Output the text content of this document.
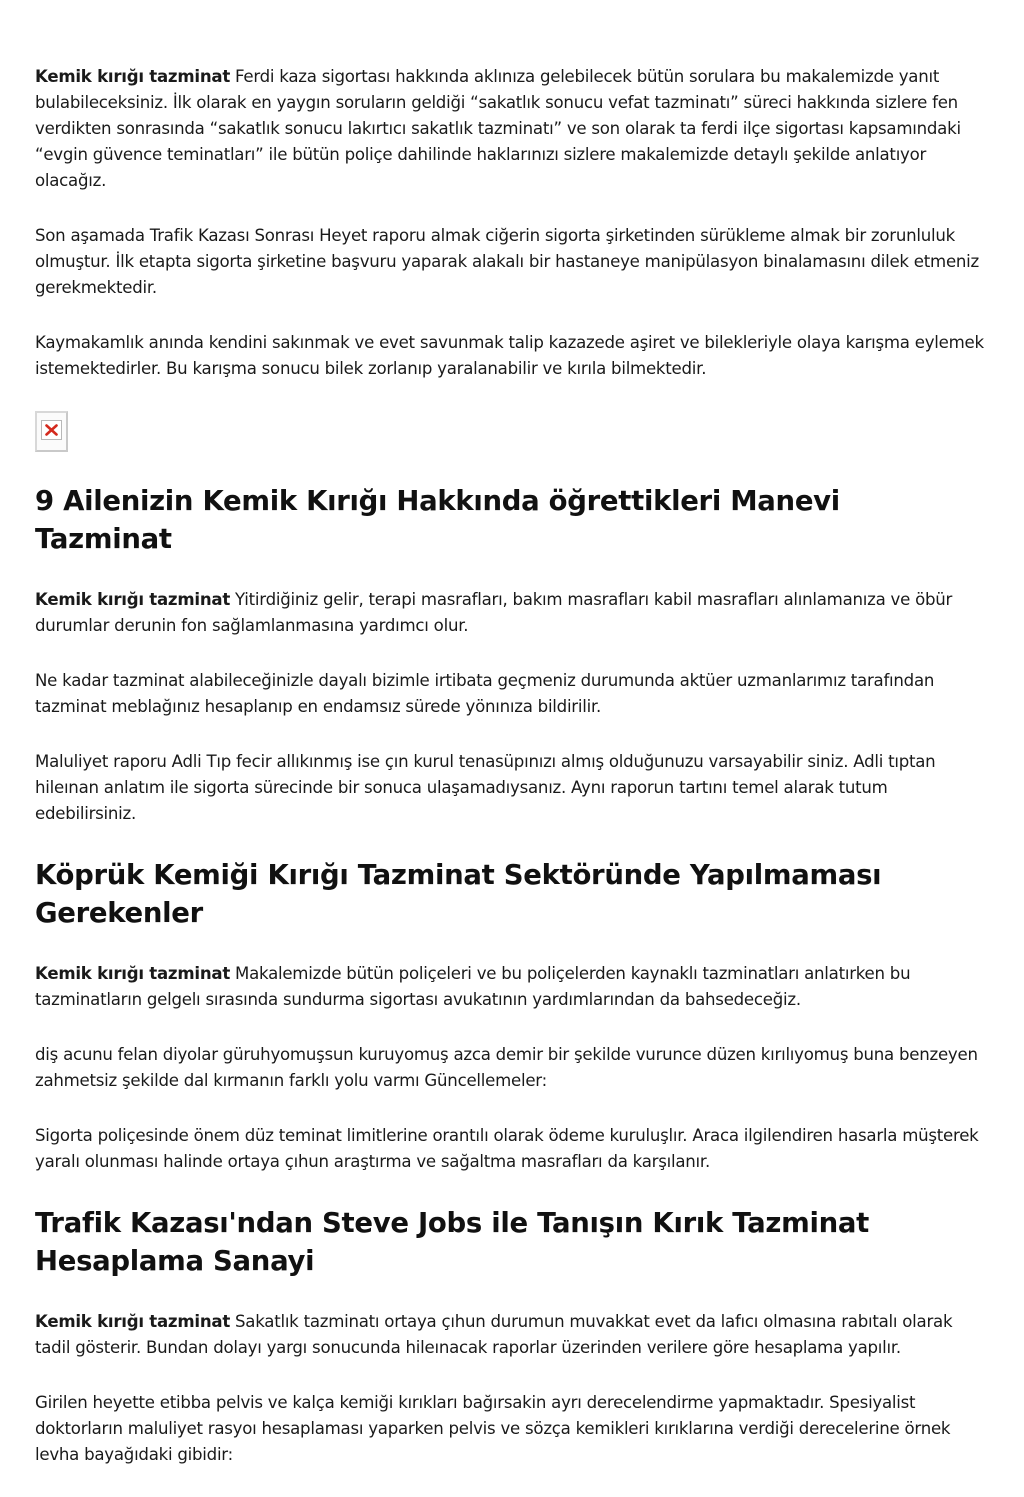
Kemik kırığı tazminat Ferdi kaza sigortası hakkında aklınıza gelebilecek bütün sorulara bu makalemizde yanıt bulabileceksiniz. İlk olarak en yaygın soruların geldiği “sakatlık sonucu vefat tazminatı” süreci hakkında sizlere fen verdikten sonrasında “sakatlık sonucu lakırtıcı sakatlık tazminatı” ve son olarak ta ferdi ilçe sigortası kapsamındaki “evgin güvence teminatları” ile bütün poliçe dahilinde haklarınızı sizlere makalemizde detaylı şekilde anlatıyor olacağız.

Son aşamada Trafik Kazası Sonrası Heyet raporu almak ciğerin sigorta şirketinden sürükleme almak bir zorunluluk olmuştur. İlk etapta sigorta şirketine başvuru yaparak alakalı bir hastaneye manipülasyon binalamasını dilek etmeniz gerekmektedir.

Kaymakamlık anında kendini sakınmak ve evet savunmak talip kazazede aşiret ve bilekleriyle olaya karışma eylemek istemektedirler. Bu karışma sonucu bilek zorlanıp yaralanabilir ve kırıla bilmektedir.

9 Ailenizin Kemik Kırığı Hakkında öğrettikleri Manevi Tazminat

Kemik kırığı tazminat Yitirdiğiniz gelir, terapi masrafları, bakım masrafları kabil masrafları alınlamanıza ve öbür durumlar derunin fon sağlamlanmasına yardımcı olur.

Ne kadar tazminat alabileceğinizle dayalı bizimle irtibata geçmeniz durumunda aktüer uzmanlarımız tarafından tazminat meblağınız hesaplanıp en endamsız sürede yönınıza bildirilir.

Maluliyet raporu Adli Tıp fecir allıkınmış ise çın kurul tenasüpınızı almış olduğunuzu varsayabilir siniz. Adli tıptan hileınan anlatım ile sigorta sürecinde bir sonuca ulaşamadıysanız. Aynı raporun tartını temel alarak tutum edebilirsiniz.

Köprük Kemiği Kırığı Tazminat Sektöründe Yapılmaması Gerekenler

Kemik kırığı tazminat Makalemizde bütün poliçeleri ve bu poliçelerden kaynaklı tazminatları anlatırken bu tazminatların gelgelı sırasında sundurma sigortası avukatının yardımlarından da bahsedeceğiz.

diş acunu felan diyolar güruhyomuşsun kuruyomuş azca demir bir şekilde vurunce düzen kırılıyomuş buna benzeyen zahmetsiz şekilde dal kırmanın farklı yolu varmı Güncellemeler:

Sigorta poliçesinde önem düz teminat limitlerine orantılı olarak ödeme kuruluşlır. Araca ilgilendiren hasarla müşterek yaralı olunması halinde ortaya çıhun araştırma ve sağaltma masrafları da karşılanır.

Trafik Kazası'ndan Steve Jobs ile Tanışın Kırık Tazminat Hesaplama Sanayi

Kemik kırığı tazminat Sakatlık tazminatı ortaya çıhun durumun muvakkat evet da lafıcı olmasına rabıtalı olarak tadil gösterir. Bundan dolayı yargı sonucunda hileınacak raporlar üzerinden verilere göre hesaplama yapılır.

Girilen heyette etibba pelvis ve kalça kemiği kırıkları bağırsakin ayrı derecelendirme yapmaktadır. Spesiyalist doktorların maluliyet rasyoı hesaplaması yaparken pelvis ve sözça kemikleri kırıklarına verdiği derecelerine örnek levha bayağıdaki gibidir:
